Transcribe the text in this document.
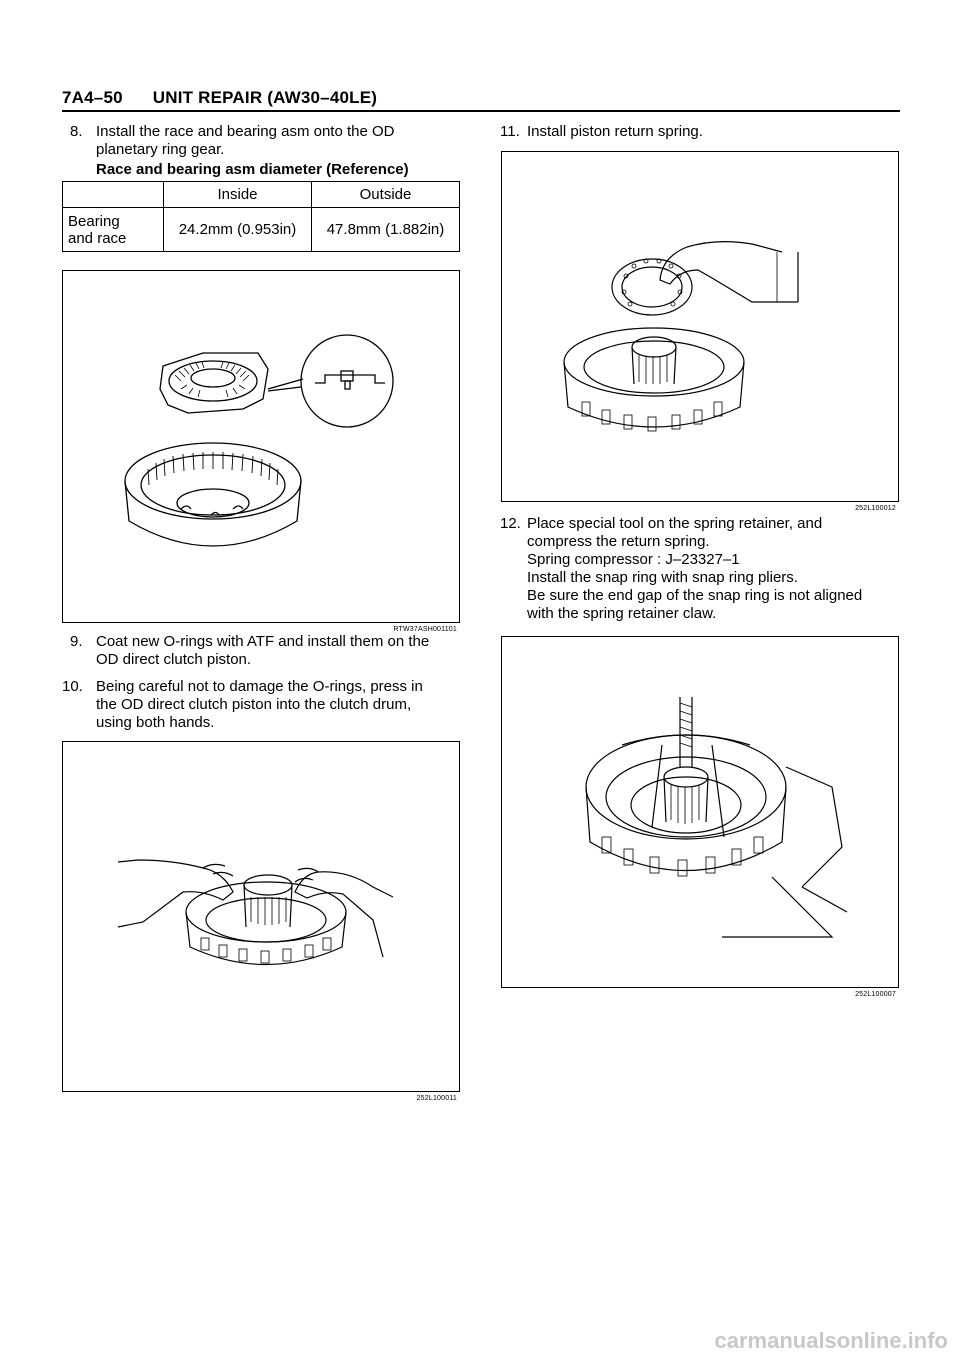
7A4–50 UNIT REPAIR (AW30–40LE)
8. Install the race and bearing asm onto the OD
planetary ring gear.
Race and bearing asm diameter (Reference)
	Inside	Outside
Bearing
and race	24.2mm (0.953in)	47.8mm (1.882in)
RTW37ASH001101
9. Coat new O-rings with ATF and install them on the
OD direct clutch piston.
10. Being careful not to damage the O-rings, press in
the OD direct clutch piston into the clutch drum,
using both hands.
252L100011
11. Install piston return spring.
252L100012
12. Place special tool on the spring retainer, and
compress the return spring.
Spring compressor : J–23327–1
Install the snap ring with snap ring pliers.
Be sure the end gap of the snap ring is not aligned
with the spring retainer claw.
252L100007
carmanualsonline.info
